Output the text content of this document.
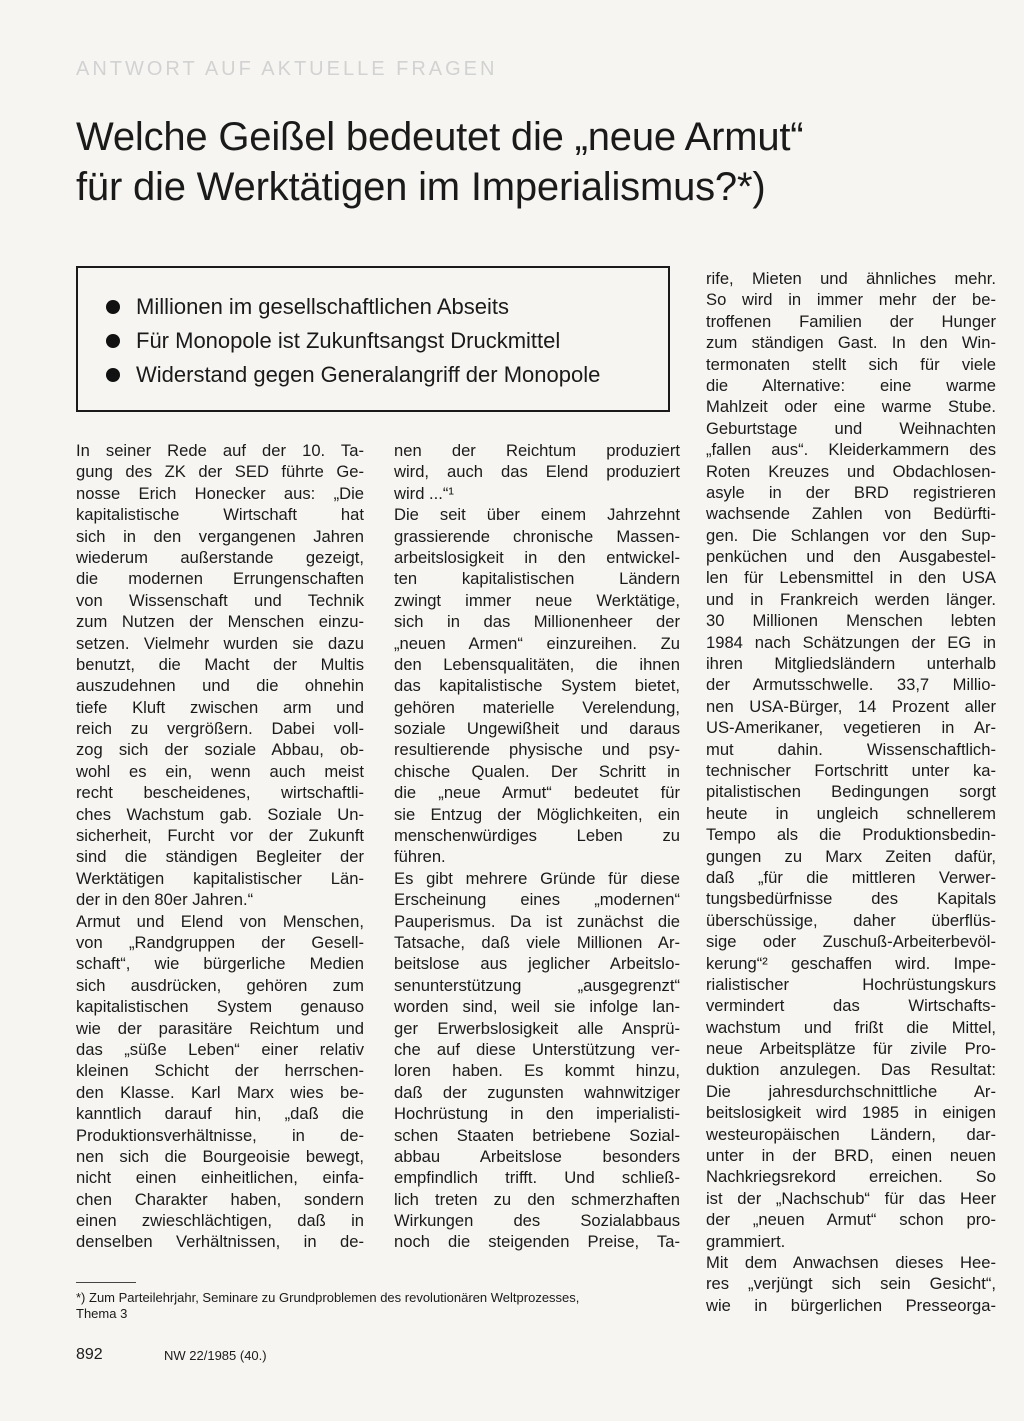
ANTWORT AUF AKTUELLE FRAGEN
Welche Geißel bedeutet die „neue Armut“
für die Werktätigen im Imperialismus?*)
Millionen im gesellschaftlichen Abseits
Für Monopole ist Zukunftsangst Druckmittel
Widerstand gegen Generalangriff der Monopole
In seiner Rede auf der 10. Ta-
gung des ZK der SED führte Ge-
nosse Erich Honecker aus: „Die
kapitalistische Wirtschaft hat
sich in den vergangenen Jahren
wiederum außerstande gezeigt,
die modernen Errungenschaften
von Wissenschaft und Technik
zum Nutzen der Menschen einzu-
setzen. Vielmehr wurden sie dazu
benutzt, die Macht der Multis
auszudehnen und die ohnehin
tiefe Kluft zwischen arm und
reich zu vergrößern. Dabei voll-
zog sich der soziale Abbau, ob-
wohl es ein, wenn auch meist
recht bescheidenes, wirtschaftli-
ches Wachstum gab. Soziale Un-
sicherheit, Furcht vor der Zukunft
sind die ständigen Begleiter der
Werktätigen kapitalistischer Län-
der in den 80er Jahren.“
Armut und Elend von Menschen,
von „Randgruppen der Gesell-
schaft“, wie bürgerliche Medien
sich ausdrücken, gehören zum
kapitalistischen System genauso
wie der parasitäre Reichtum und
das „süße Leben“ einer relativ
kleinen Schicht der herrschen-
den Klasse. Karl Marx wies be-
kanntlich darauf hin, „daß die
Produktionsverhältnisse, in de-
nen sich die Bourgeoisie bewegt,
nicht einen einheitlichen, einfa-
chen Charakter haben, sondern
einen zwieschlächtigen, daß in
denselben Verhältnissen, in de-
nen der Reichtum produziert
wird, auch das Elend produziert
wird ...“¹
Die seit über einem Jahrzehnt
grassierende chronische Massen-
arbeitslosigkeit in den entwickel-
ten kapitalistischen Ländern
zwingt immer neue Werktätige,
sich in das Millionenheer der
„neuen Armen“ einzureihen. Zu
den Lebensqualitäten, die ihnen
das kapitalistische System bietet,
gehören materielle Verelendung,
soziale Ungewißheit und daraus
resultierende physische und psy-
chische Qualen. Der Schritt in
die „neue Armut“ bedeutet für
sie Entzug der Möglichkeiten, ein
menschenwürdiges Leben zu
führen.
Es gibt mehrere Gründe für diese
Erscheinung eines „modernen“
Pauperismus. Da ist zunächst die
Tatsache, daß viele Millionen Ar-
beitslose aus jeglicher Arbeitslo-
senunterstützung „ausgegrenzt“
worden sind, weil sie infolge lan-
ger Erwerbslosigkeit alle Ansprü-
che auf diese Unterstützung ver-
loren haben. Es kommt hinzu,
daß der zugunsten wahnwitziger
Hochrüstung in den imperialisti-
schen Staaten betriebene Sozial-
abbau Arbeitslose besonders
empfindlich trifft. Und schließ-
lich treten zu den schmerzhaften
Wirkungen des Sozialabbaus
noch die steigenden Preise, Ta-
rife, Mieten und ähnliches mehr.
So wird in immer mehr der be-
troffenen Familien der Hunger
zum ständigen Gast. In den Win-
termonaten stellt sich für viele
die Alternative: eine warme
Mahlzeit oder eine warme Stube.
Geburtstage und Weihnachten
„fallen aus“. Kleiderkammern des
Roten Kreuzes und Obdachlosen-
asyle in der BRD registrieren
wachsende Zahlen von Bedürfti-
gen. Die Schlangen vor den Sup-
penküchen und den Ausgabestel-
len für Lebensmittel in den USA
und in Frankreich werden länger.
30 Millionen Menschen lebten
1984 nach Schätzungen der EG in
ihren Mitgliedsländern unterhalb
der Armutsschwelle. 33,7 Millio-
nen USA-Bürger, 14 Prozent aller
US-Amerikaner, vegetieren in Ar-
mut dahin. Wissenschaftlich-
technischer Fortschritt unter ka-
pitalistischen Bedingungen sorgt
heute in ungleich schnellerem
Tempo als die Produktionsbedin-
gungen zu Marx Zeiten dafür,
daß „für die mittleren Verwer-
tungsbedürfnisse des Kapitals
überschüssige, daher überflüs-
sige oder Zuschuß-Arbeiterbevöl-
kerung“² geschaffen wird. Impe-
rialistischer Hochrüstungskurs
vermindert das Wirtschafts-
wachstum und frißt die Mittel,
neue Arbeitsplätze für zivile Pro-
duktion anzulegen. Das Resultat:
Die jahresdurchschnittliche Ar-
beitslosigkeit wird 1985 in einigen
westeuropäischen Ländern, dar-
unter in der BRD, einen neuen
Nachkriegsrekord erreichen. So
ist der „Nachschub“ für das Heer
der „neuen Armut“ schon pro-
grammiert.
Mit dem Anwachsen dieses Hee-
res „verjüngt sich sein Gesicht“,
wie in bürgerlichen Presseorga-
*) Zum Parteilehrjahr, Seminare zu Grundproblemen des revolutionären Weltprozesses,
Thema 3
892	NW 22/1985 (40.)
